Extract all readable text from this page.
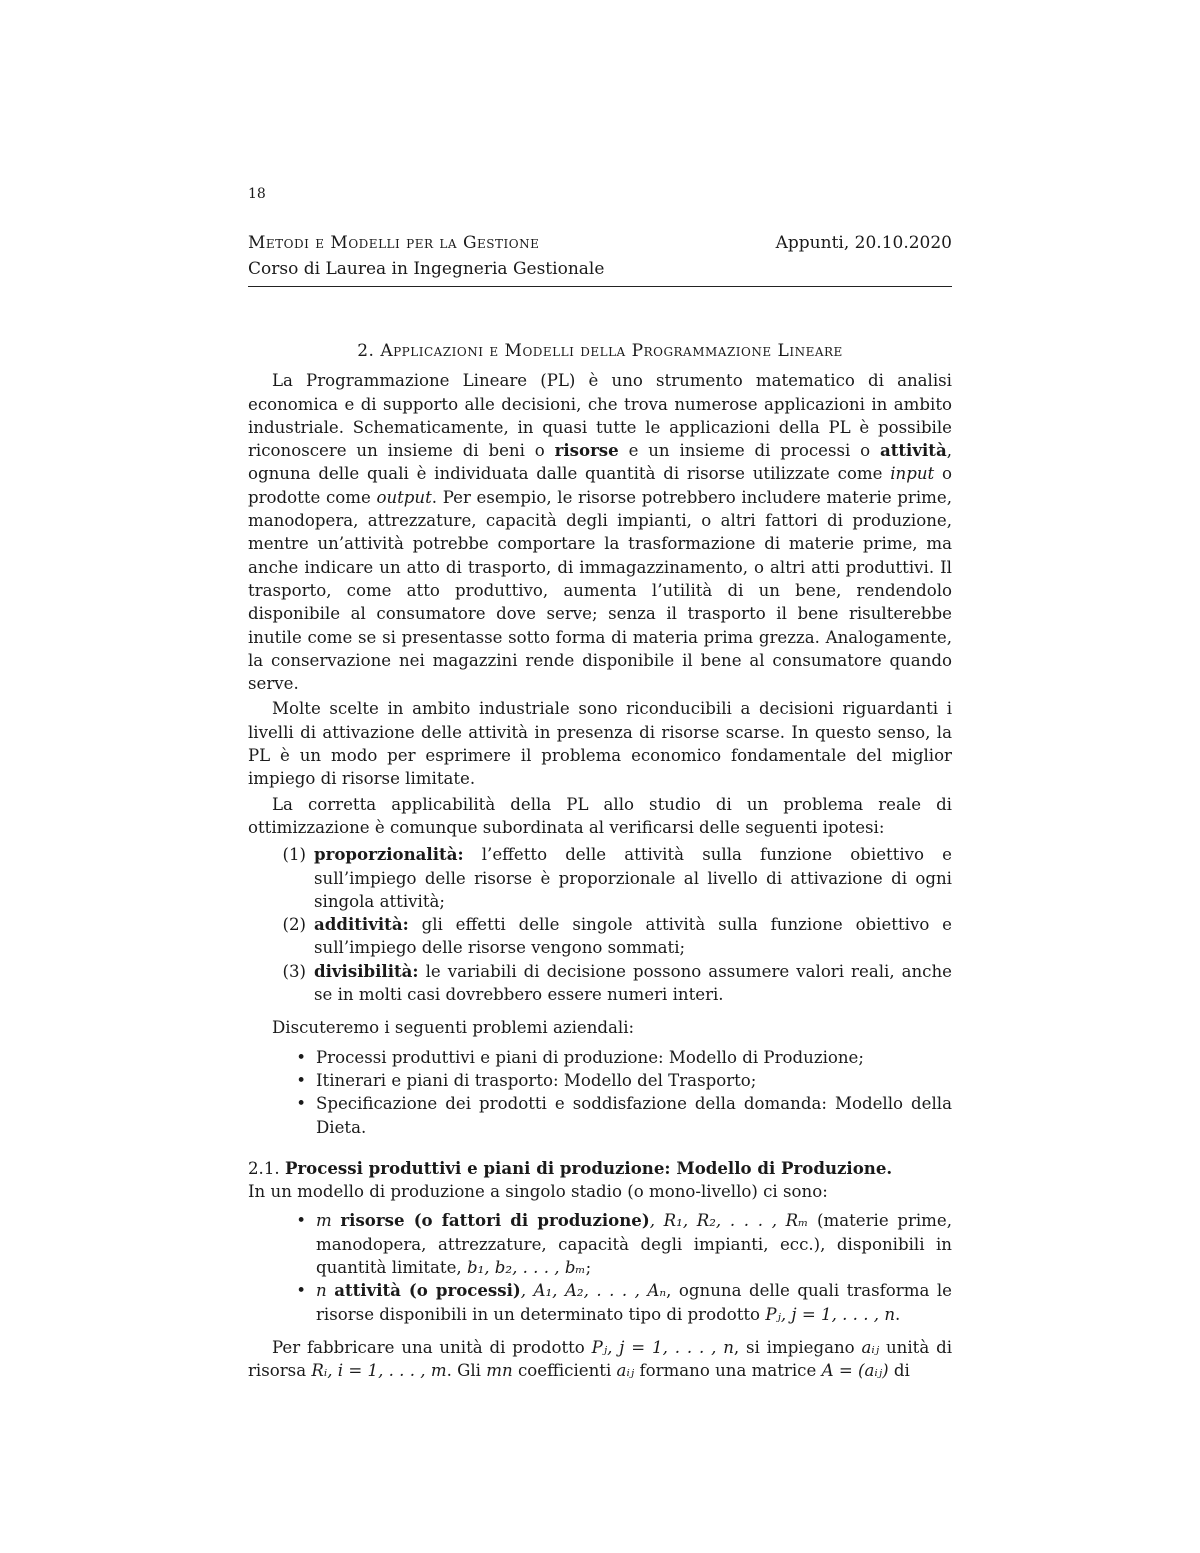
18
Metodi e Modelli per la Gestione	Appunti, 20.10.2020
Corso di Laurea in Ingegneria Gestionale
2. Applicazioni e Modelli della Programmazione Lineare

La Programmazione Lineare (PL) è uno strumento matematico di analisi economica e di supporto alle decisioni, che trova numerose applicazioni in ambito industriale. Schematicamente, in quasi tutte le applicazioni della PL è possibile riconoscere un insieme di beni o risorse e un insieme di processi o attività, ognuna delle quali è individuata dalle quantità di risorse utilizzate come input o prodotte come output. Per esempio, le risorse potrebbero includere materie prime, manodopera, attrezzature, capacità degli impianti, o altri fattori di produzione, mentre un’attività potrebbe comportare la trasformazione di materie prime, ma anche indicare un atto di trasporto, di immagazzinamento, o altri atti produttivi. Il trasporto, come atto produttivo, aumenta l’utilità di un bene, rendendolo disponibile al consumatore dove serve; senza il trasporto il bene risulterebbe inutile come se si presentasse sotto forma di materia prima grezza. Analogamente, la conservazione nei magazzini rende disponibile il bene al consumatore quando serve.

Molte scelte in ambito industriale sono riconducibili a decisioni riguardanti i livelli di attivazione delle attività in presenza di risorse scarse. In questo senso, la PL è un modo per esprimere il problema economico fondamentale del miglior impiego di risorse limitate.

La corretta applicabilità della PL allo studio di un problema reale di ottimizzazione è comunque subordinata al verificarsi delle seguenti ipotesi:

(1) proporzionalità: l’effetto delle attività sulla funzione obiettivo e sull’impiego delle risorse è proporzionale al livello di attivazione di ogni singola attività;
(2) additività: gli effetti delle singole attività sulla funzione obiettivo e sull’impiego delle risorse vengono sommati;
(3) divisibilità: le variabili di decisione possono assumere valori reali, anche se in molti casi dovrebbero essere numeri interi.

Discuteremo i seguenti problemi aziendali:

• Processi produttivi e piani di produzione: Modello di Produzione;
• Itinerari e piani di trasporto: Modello del Trasporto;
• Specificazione dei prodotti e soddisfazione della domanda: Modello della Dieta.

2.1. Processi produttivi e piani di produzione: Modello di Produzione.

In un modello di produzione a singolo stadio (o mono-livello) ci sono:

• m risorse (o fattori di produzione), R₁, R₂, . . . , Rₘ (materie prime, manodopera, attrezzature, capacità degli impianti, ecc.), disponibili in quantità limitate, b₁, b₂, . . . , bₘ;
• n attività (o processi), A₁, A₂, . . . , Aₙ, ognuna delle quali trasforma le risorse disponibili in un determinato tipo di prodotto Pⱼ, j = 1, . . . , n.

Per fabbricare una unità di prodotto Pⱼ, j = 1, . . . , n, si impiegano aᵢⱼ unità di risorsa Rᵢ, i = 1, . . . , m. Gli mn coefficienti aᵢⱼ formano una matrice A = (aᵢⱼ) di
